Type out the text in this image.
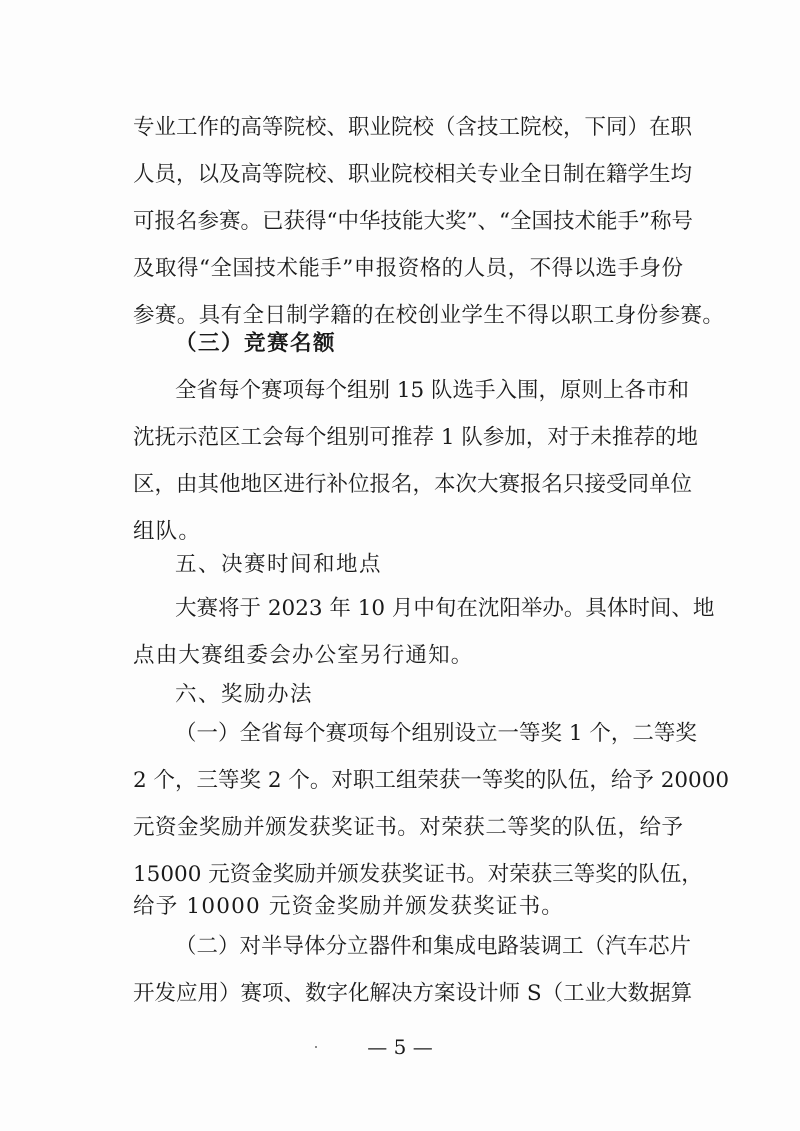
专业工作的高等院校、职业院校（含技工院校，下同）在职
人员，以及高等院校、职业院校相关专业全日制在籍学生均
可报名参赛。已获得“中华技能大奖”、“全国技术能手”称号
及取得“全国技术能手”申报资格的人员，不得以选手身份
参赛。具有全日制学籍的在校创业学生不得以职工身份参赛。
（三）竞赛名额
全省每个赛项每个组别 15 队选手入围，原则上各市和
沈抚示范区工会每个组别可推荐 1 队参加，对于未推荐的地
区，由其他地区进行补位报名，本次大赛报名只接受同单位
组队。
五、决赛时间和地点
大赛将于 2023 年 10 月中旬在沈阳举办。具体时间、地
点由大赛组委会办公室另行通知。
六、奖励办法
（一）全省每个赛项每个组别设立一等奖 1 个，二等奖
2 个，三等奖 2 个。对职工组荣获一等奖的队伍，给予 20000
元资金奖励并颁发获奖证书。对荣获二等奖的队伍，给予
15000 元资金奖励并颁发获奖证书。对荣获三等奖的队伍，
给予 10000 元资金奖励并颁发获奖证书。
（二）对半导体分立器件和集成电路装调工（汽车芯片
开发应用）赛项、数字化解决方案设计师 S（工业大数据算
— 5 —
